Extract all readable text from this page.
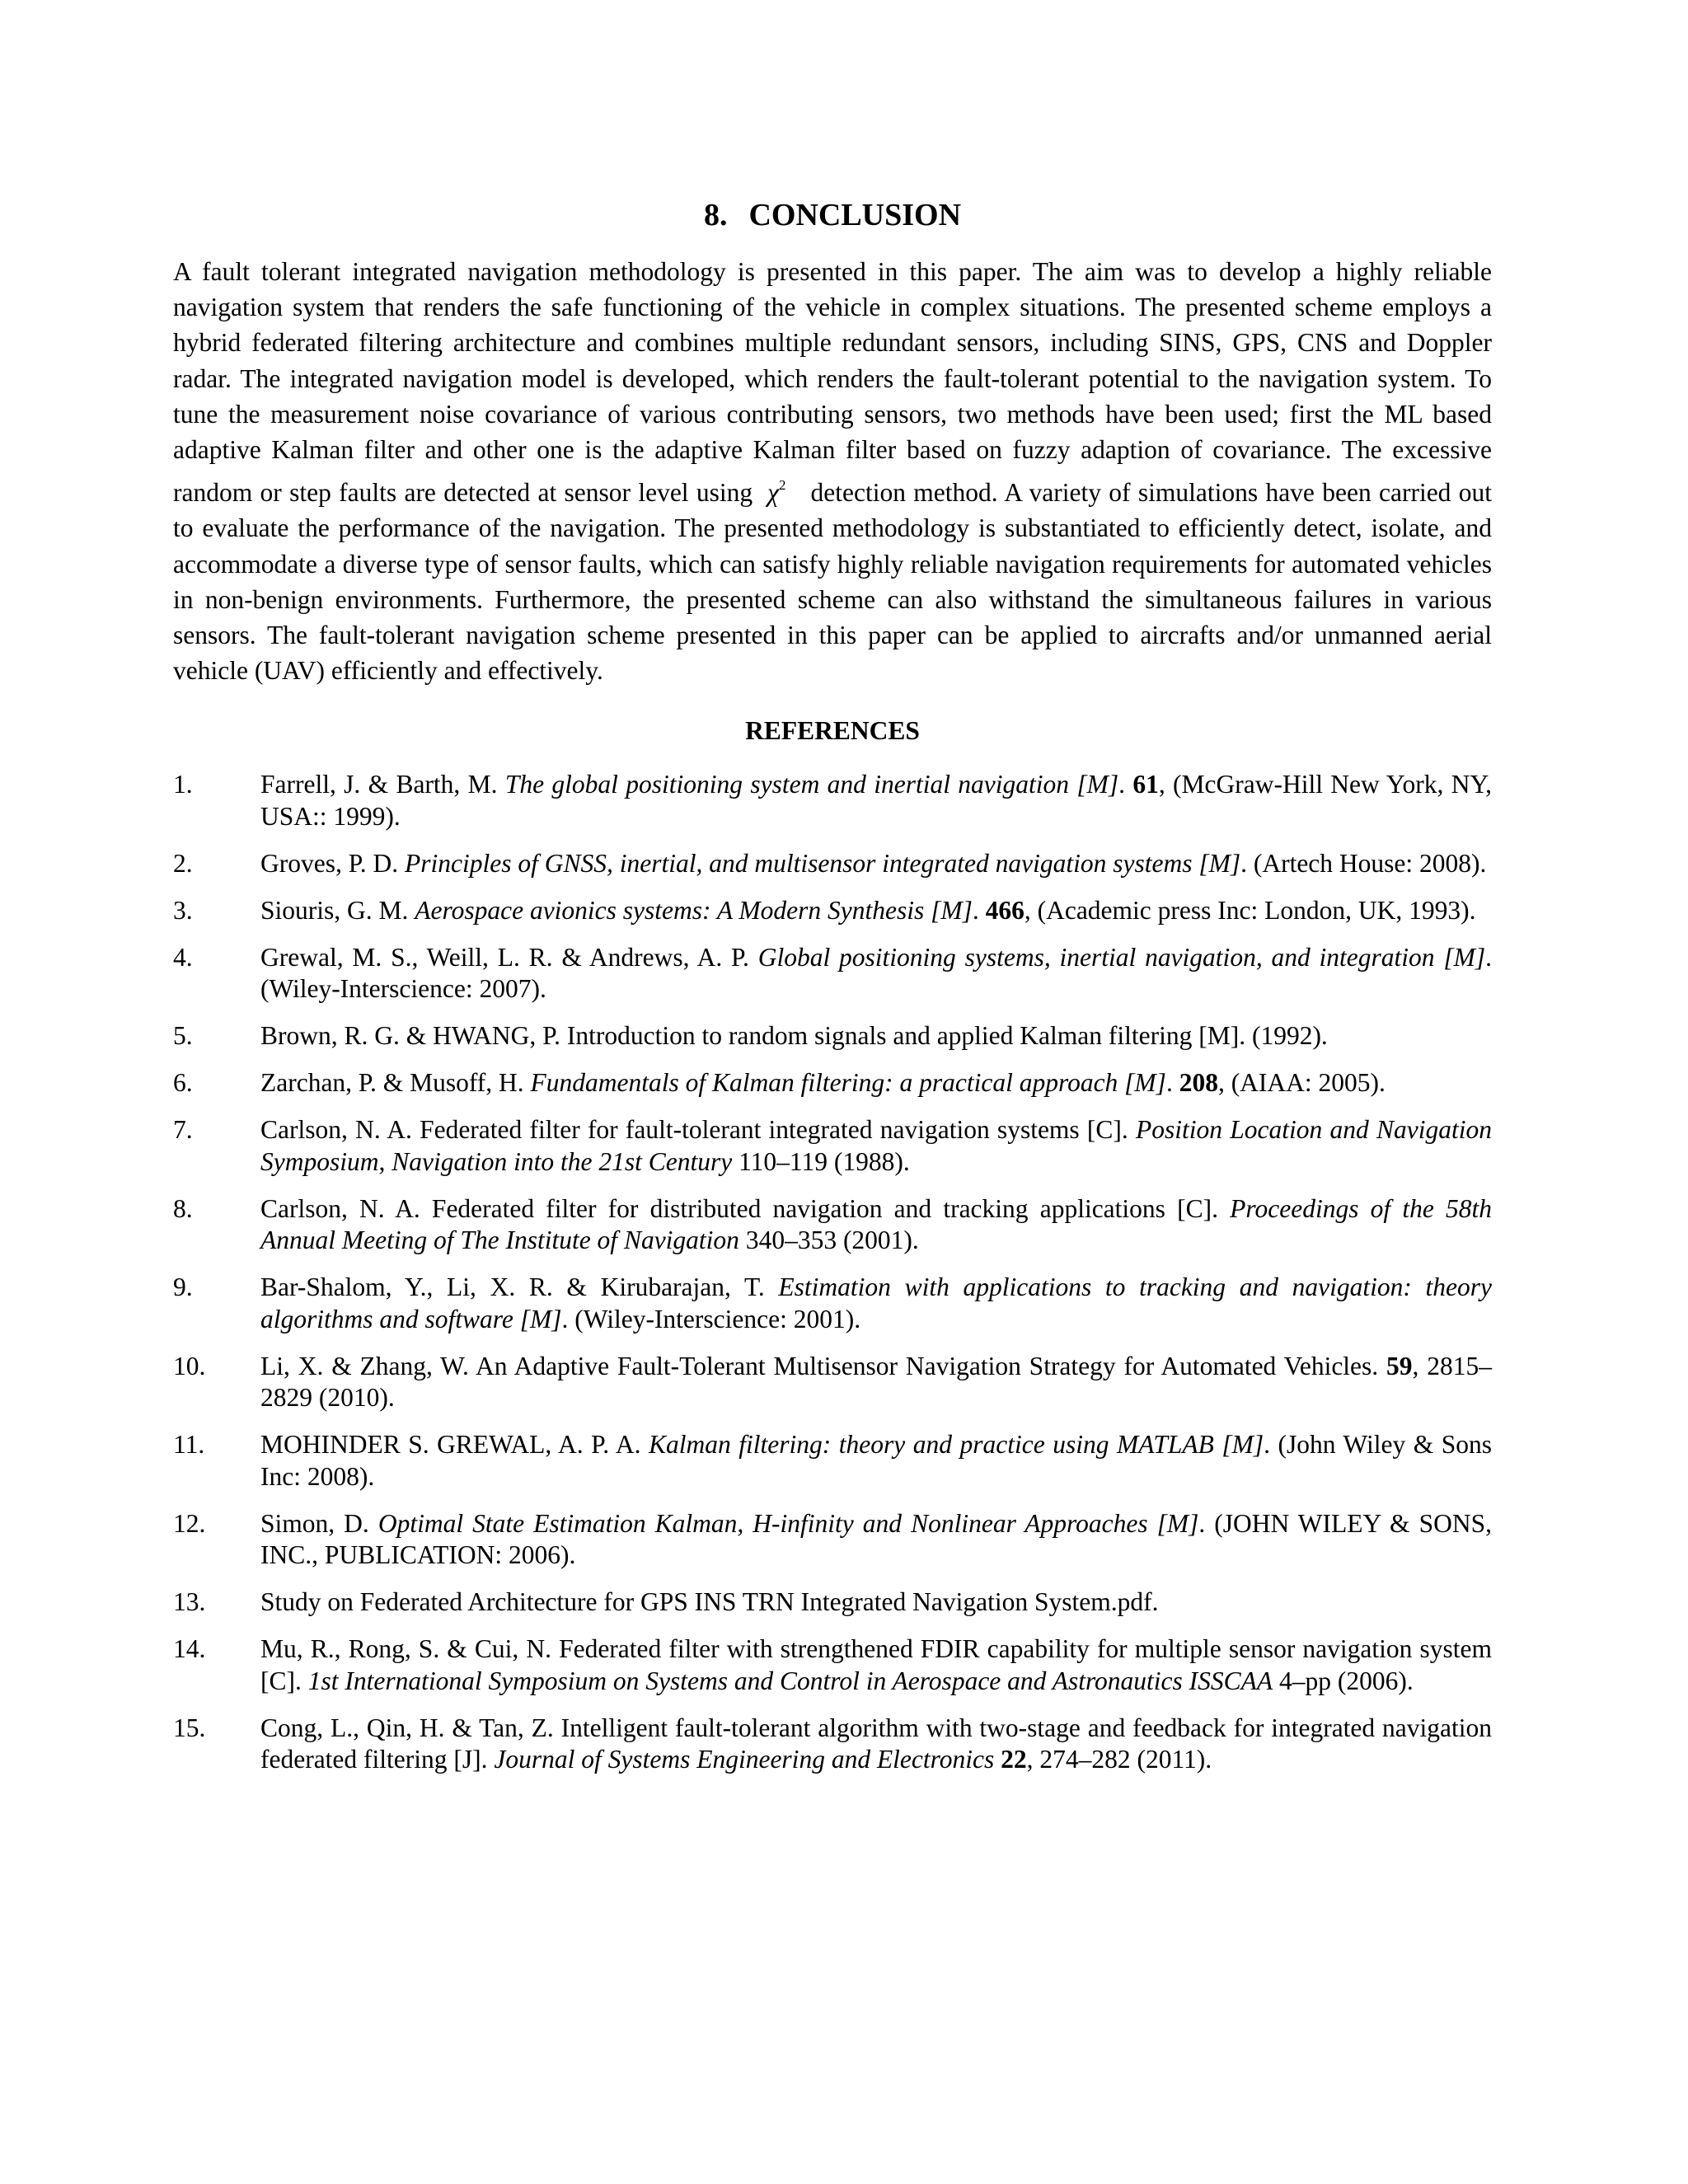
8. CONCLUSION

A fault tolerant integrated navigation methodology is presented in this paper. The aim was to develop a highly reliable navigation system that renders the safe functioning of the vehicle in complex situations. The presented scheme employs a hybrid federated filtering architecture and combines multiple redundant sensors, including SINS, GPS, CNS and Doppler radar. The integrated navigation model is developed, which renders the fault-tolerant potential to the navigation system. To tune the measurement noise covariance of various contributing sensors, two methods have been used; first the ML based adaptive Kalman filter and other one is the adaptive Kalman filter based on fuzzy adaption of covariance. The excessive random or step faults are detected at sensor level using $\chi^2$ detection method. A variety of simulations have been carried out to evaluate the performance of the navigation. The presented methodology is substantiated to efficiently detect, isolate, and accommodate a diverse type of sensor faults, which can satisfy highly reliable navigation requirements for automated vehicles in non-benign environments. Furthermore, the presented scheme can also withstand the simultaneous failures in various sensors. The fault-tolerant navigation scheme presented in this paper can be applied to aircrafts and/or unmanned aerial vehicle (UAV) efficiently and effectively.

REFERENCES
1.	Farrell, J. & Barth, M. The global positioning system and inertial navigation [M]. 61, (McGraw-Hill New York, NY, USA:: 1999).
2.	Groves, P. D. Principles of GNSS, inertial, and multisensor integrated navigation systems [M]. (Artech House: 2008).
3.	Siouris, G. M. Aerospace avionics systems: A Modern Synthesis [M]. 466, (Academic press Inc: London, UK, 1993).
4.	Grewal, M. S., Weill, L. R. & Andrews, A. P. Global positioning systems, inertial navigation, and integration [M]. (Wiley-Interscience: 2007).
5.	Brown, R. G. & HWANG, P. Introduction to random signals and applied Kalman filtering [M]. (1992).
6.	Zarchan, P. & Musoff, H. Fundamentals of Kalman filtering: a practical approach [M]. 208, (AIAA: 2005).
7.	Carlson, N. A. Federated filter for fault-tolerant integrated navigation systems [C]. Position Location and Navigation Symposium, Navigation into the 21st Century 110–119 (1988).
8.	Carlson, N. A. Federated filter for distributed navigation and tracking applications [C]. Proceedings of the 58th Annual Meeting of The Institute of Navigation 340–353 (2001).
9.	Bar-Shalom, Y., Li, X. R. & Kirubarajan, T. Estimation with applications to tracking and navigation: theory algorithms and software [M]. (Wiley-Interscience: 2001).
10.	Li, X. & Zhang, W. An Adaptive Fault-Tolerant Multisensor Navigation Strategy for Automated Vehicles. 59, 2815–2829 (2010).
11.	MOHINDER S. GREWAL, A. P. A. Kalman filtering: theory and practice using MATLAB [M]. (John Wiley & Sons Inc: 2008).
12.	Simon, D. Optimal State Estimation Kalman, H-infinity and Nonlinear Approaches [M]. (JOHN WILEY & SONS, INC., PUBLICATION: 2006).
13.	Study on Federated Architecture for GPS INS TRN Integrated Navigation System.pdf.
14.	Mu, R., Rong, S. & Cui, N. Federated filter with strengthened FDIR capability for multiple sensor navigation system [C]. 1st International Symposium on Systems and Control in Aerospace and Astronautics ISSCAA 4–pp (2006).
15.	Cong, L., Qin, H. & Tan, Z. Intelligent fault-tolerant algorithm with two-stage and feedback for integrated navigation federated filtering [J]. Journal of Systems Engineering and Electronics 22, 274–282 (2011).
